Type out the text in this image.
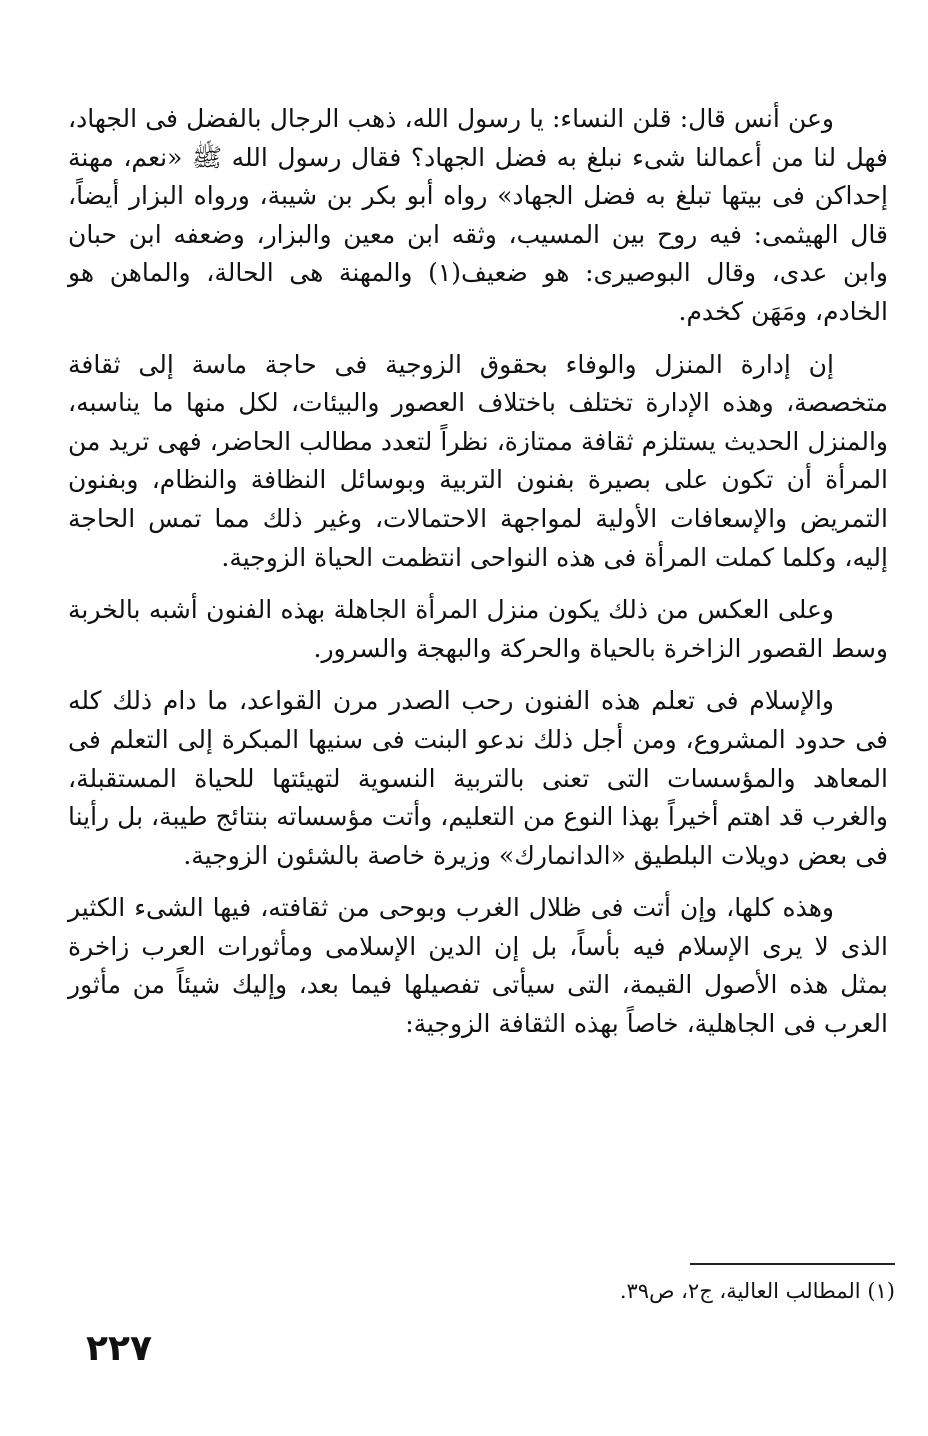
وعن أنس قال: قلن النساء: يا رسول الله، ذهب الرجال بالفضل فى الجهاد، فهل لنا من أعمالنا شىء نبلغ به فضل الجهاد؟ فقال رسول الله ﷺ «نعم، مهنة إحداكن فى بيتها تبلغ به فضل الجهاد» رواه أبو بكر بن شيبة، ورواه البزار أيضاً، قال الهيثمى: فيه روح بين المسيب، وثقه ابن معين والبزار، وضعفه ابن حبان وابن عدى، وقال البوصيرى: هو ضعيف(١) والمهنة هى الحالة، والماهن هو الخادم، ومَهَن كخدم.

إن إدارة المنزل والوفاء بحقوق الزوجية فى حاجة ماسة إلى ثقافة متخصصة، وهذه الإدارة تختلف باختلاف العصور والبيئات، لكل منها ما يناسبه، والمنزل الحديث يستلزم ثقافة ممتازة، نظراً لتعدد مطالب الحاضر، فهى تريد من المرأة أن تكون على بصيرة بفنون التربية وبوسائل النظافة والنظام، وبفنون التمريض والإسعافات الأولية لمواجهة الاحتمالات، وغير ذلك مما تمس الحاجة إليه، وكلما كملت المرأة فى هذه النواحى انتظمت الحياة الزوجية.

وعلى العكس من ذلك يكون منزل المرأة الجاهلة بهذه الفنون أشبه بالخربة وسط القصور الزاخرة بالحياة والحركة والبهجة والسرور.

والإسلام فى تعلم هذه الفنون رحب الصدر مرن القواعد، ما دام ذلك كله فى حدود المشروع، ومن أجل ذلك ندعو البنت فى سنيها المبكرة إلى التعلم فى المعاهد والمؤسسات التى تعنى بالتربية النسوية لتهيئتها للحياة المستقبلة، والغرب قد اهتم أخيراً بهذا النوع من التعليم، وأتت مؤسساته بنتائج طيبة، بل رأينا فى بعض دويلات البلطيق «الدانمارك» وزيرة خاصة بالشئون الزوجية.

وهذه كلها، وإن أتت فى ظلال الغرب وبوحى من ثقافته، فيها الشىء الكثير الذى لا يرى الإسلام فيه بأساً، بل إن الدين الإسلامى ومأثورات العرب زاخرة بمثل هذه الأصول القيمة، التى سيأتى تفصيلها فيما بعد، وإليك شيئاً من مأثور العرب فى الجاهلية، خاصاً بهذه الثقافة الزوجية:

(١) المطالب العالية، ج٢، ص٣٩.
٢٢٧
